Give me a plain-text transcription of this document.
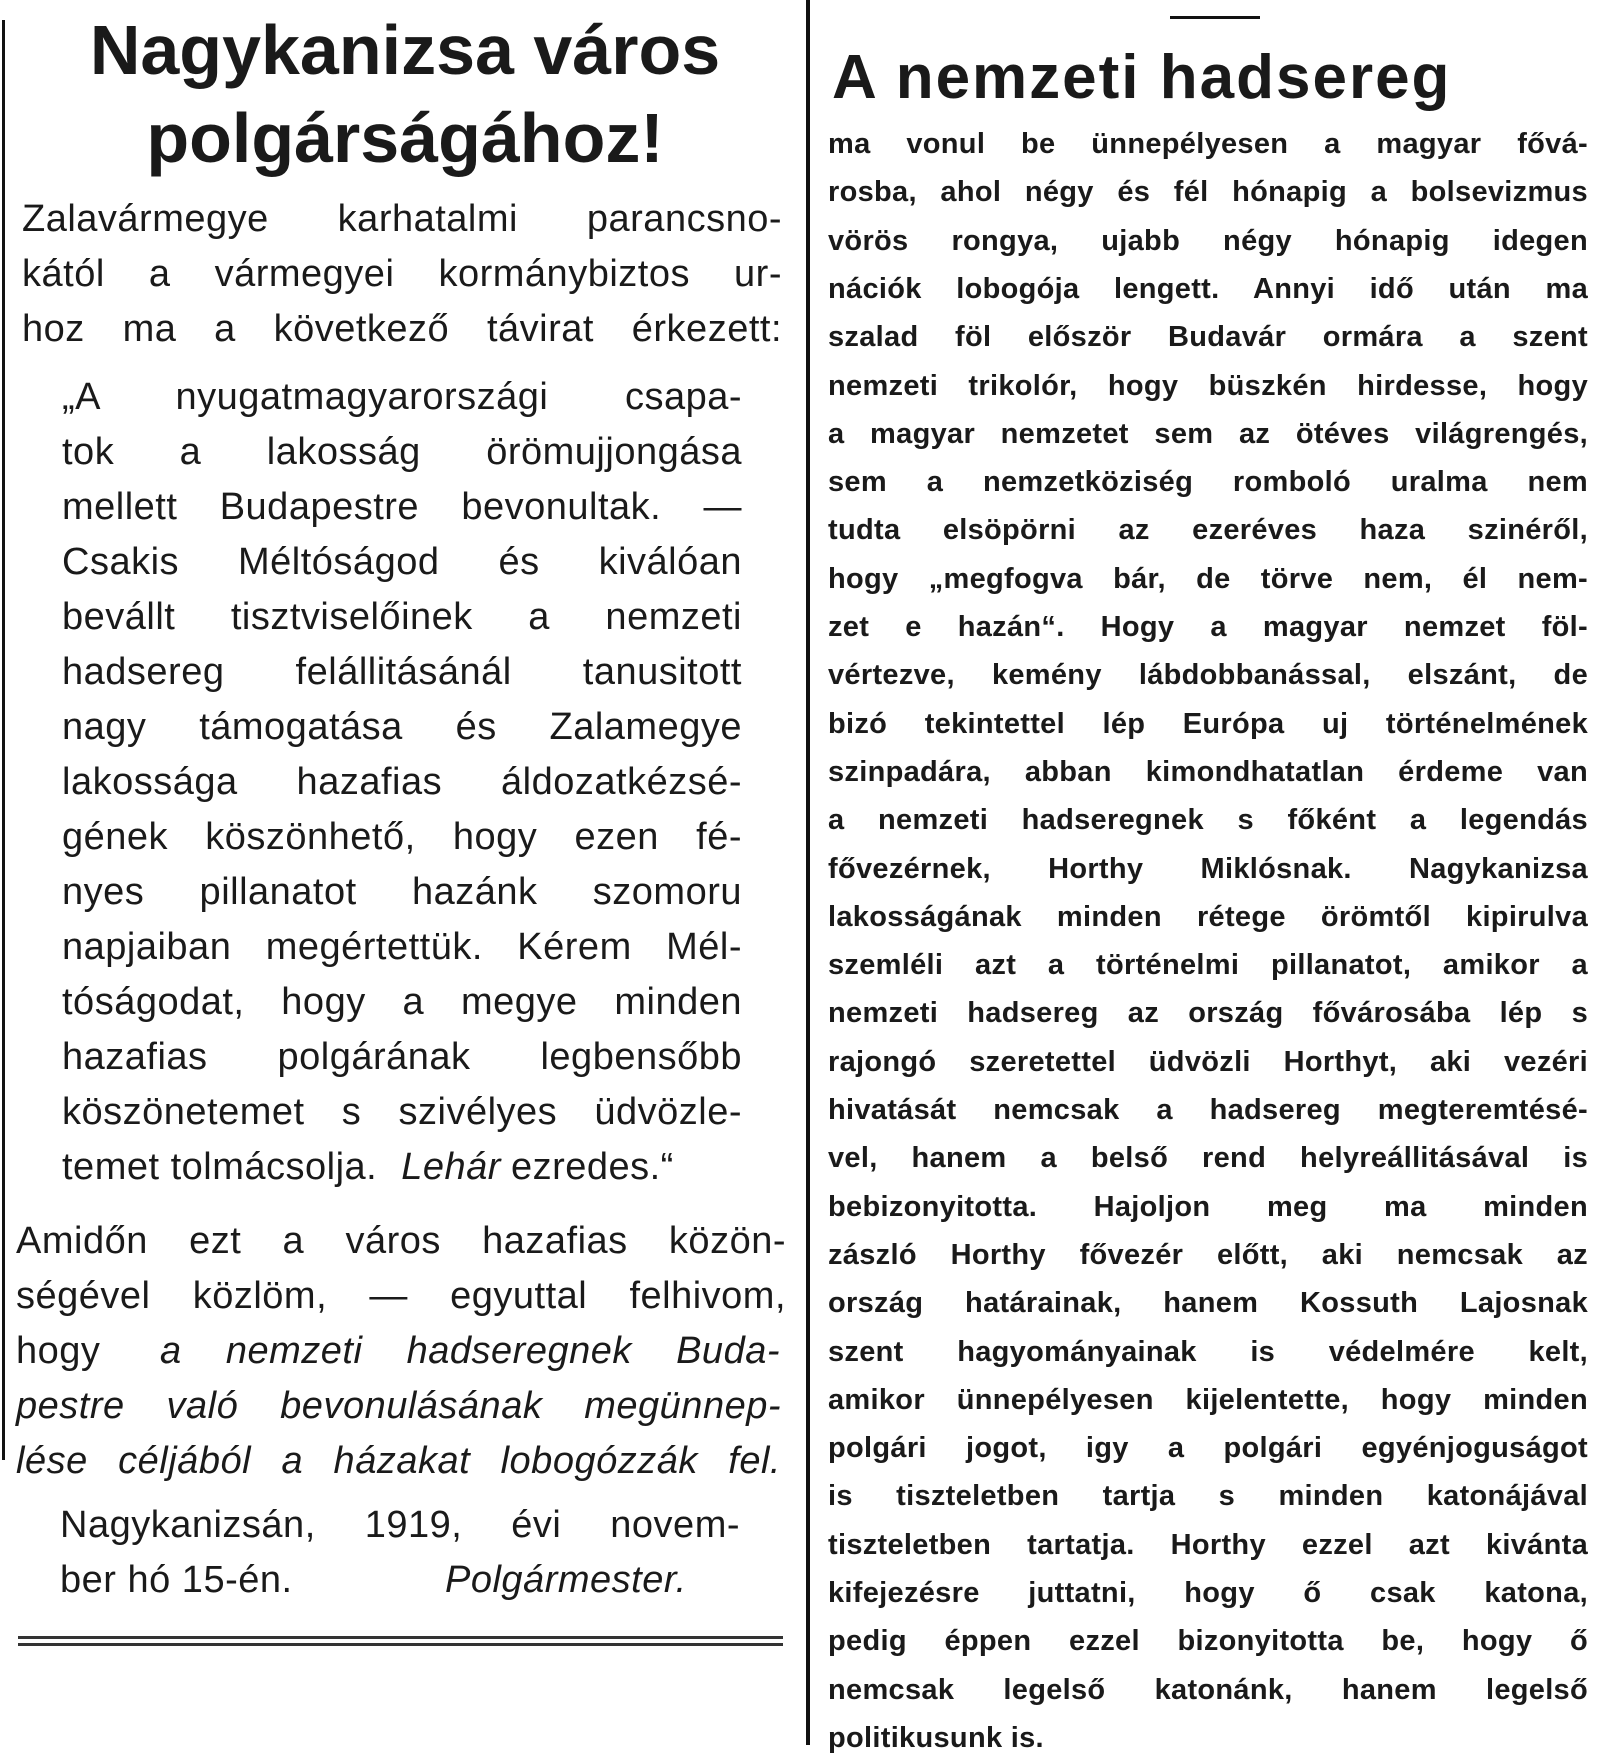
Nagykanizsa város
polgárságához!
Zalavármegye karhatalmi parancsno-
kától a vármegyei kormánybiztos ur-
hoz ma a következő távirat érkezett:
„A nyugatmagyarországi csapa-
tok a lakosság örömujjongása
mellett Budapestre bevonultak. —
Csakis Méltóságod és kiválóan
bevállt tisztviselőinek a nemzeti
hadsereg felállitásánál tanusitott
nagy támogatása és Zalamegye
lakossága hazafias áldozatkézsé-
gének köszönhető, hogy ezen fé-
nyes pillanatot hazánk szomoru
napjaiban megértettük. Kérem Mél-
tóságodat, hogy a megye minden
hazafias polgárának legbensőbb
köszönetemet s szivélyes üdvözle-
temet tolmácsolja. Lehár ezredes.“
Amidőn ezt a város hazafias közön-
ségével közlöm, — egyuttal felhivom,
hogy a nemzeti hadseregnek Buda-
pestre való bevonulásának megünnep-
lése céljából a házakat lobogózzák fel.
Nagykanizsán, 1919, évi novem-
ber hó 15-én.	Polgármester.
A nemzeti hadsereg
ma vonul be ünnepélyesen a magyar fővá-
rosba, ahol négy és fél hónapig a bolsevizmus
vörös rongya, ujabb négy hónapig idegen
nációk lobogója lengett. Annyi idő után ma
szalad föl először Budavár ormára a szent
nemzeti trikolór, hogy büszkén hirdesse, hogy
a magyar nemzetet sem az ötéves világrengés,
sem a nemzetköziség romboló uralma nem
tudta elsöpörni az ezeréves haza szinéről,
hogy „megfogva bár, de törve nem, él nem-
zet e hazán“. Hogy a magyar nemzet föl-
vértezve, kemény lábdobbanással, elszánt, de
bizó tekintettel lép Európa uj történelmének
szinpadára, abban kimondhatatlan érdeme van
a nemzeti hadseregnek s főként a legendás
fővezérnek, Horthy Miklósnak. Nagykanizsa
lakosságának minden rétege örömtől kipirulva
szemléli azt a történelmi pillanatot, amikor a
nemzeti hadsereg az ország fővárosába lép s
rajongó szeretettel üdvözli Horthyt, aki vezéri
hivatását nemcsak a hadsereg megteremtésé-
vel, hanem a belső rend helyreállitásával is
bebizonyitotta. Hajoljon meg ma minden
zászló Horthy fővezér előtt, aki nemcsak az
ország határainak, hanem Kossuth Lajosnak
szent hagyományainak is védelmére kelt,
amikor ünnepélyesen kijelentette, hogy minden
polgári jogot, igy a polgári egyénjoguságot
is tiszteletben tartja s minden katonájával
tiszteletben tartatja. Horthy ezzel azt kivánta
kifejezésre juttatni, hogy ő csak katona,
pedig éppen ezzel bizonyitotta be, hogy ő
nemcsak legelső katonánk, hanem legelső
politikusunk is.
